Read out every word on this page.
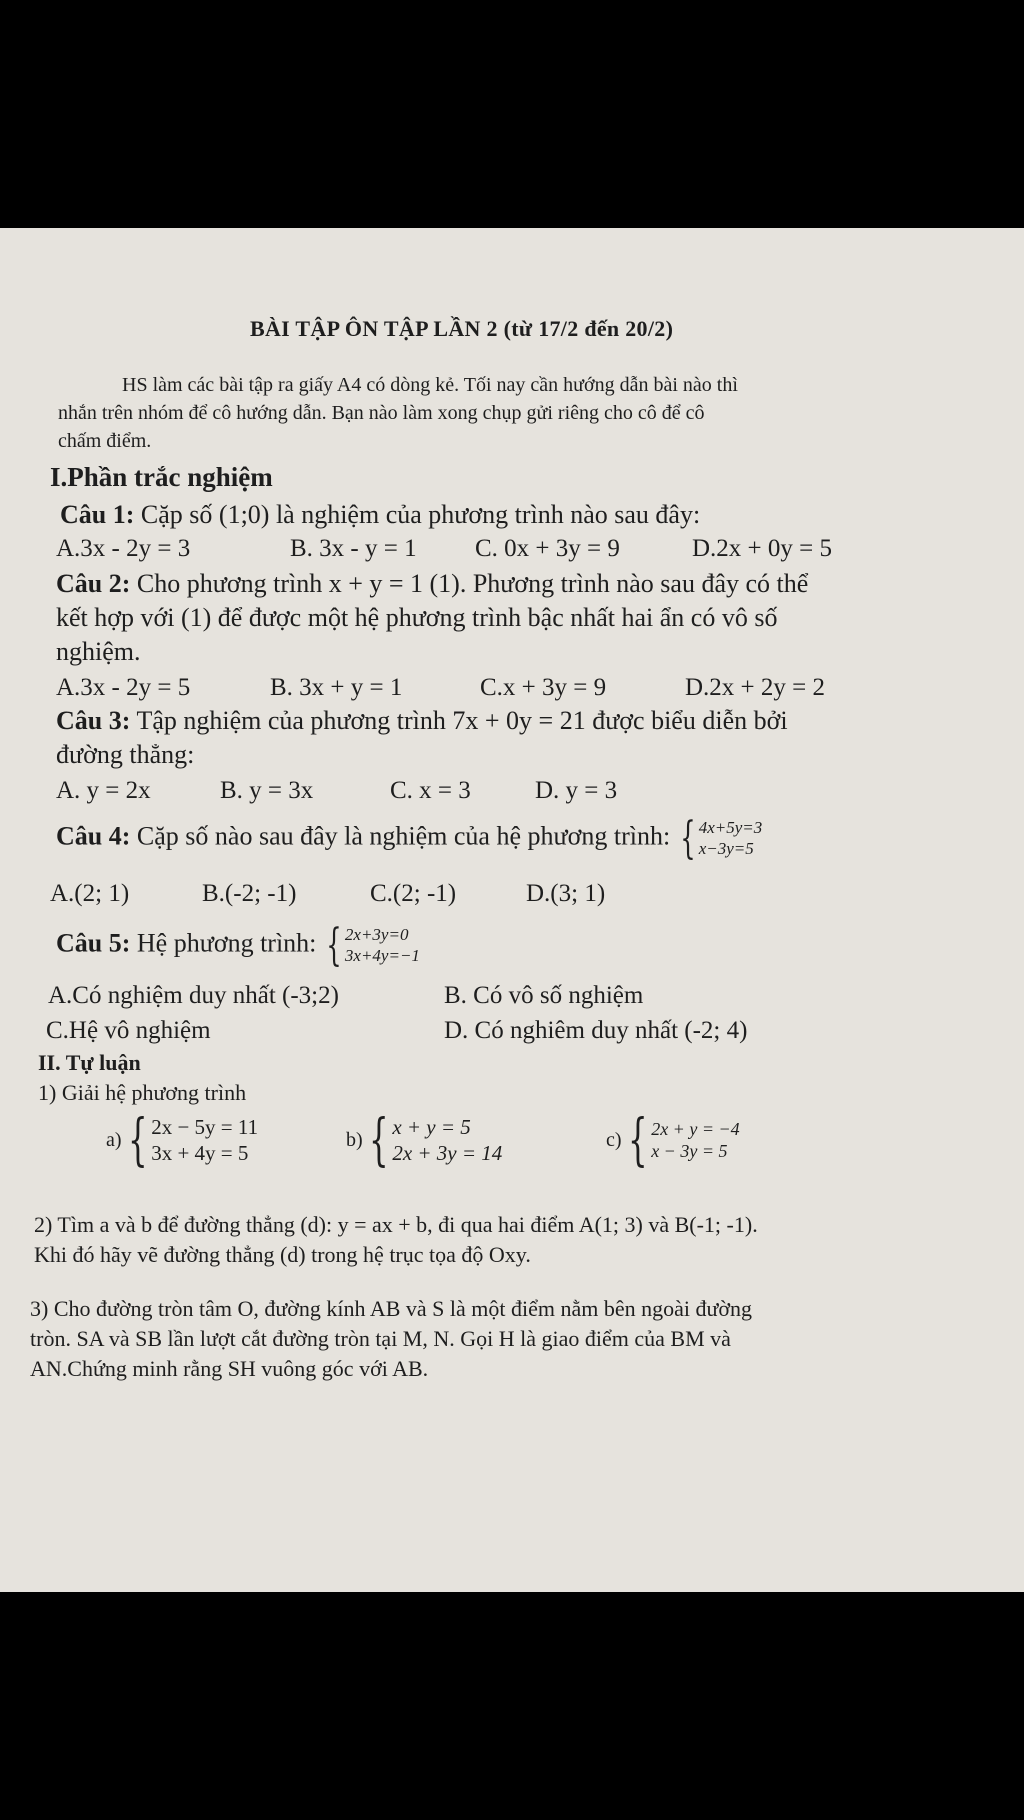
BÀI TẬP ÔN TẬP LẦN 2 (từ 17/2 đến 20/2)
HS làm các bài tập ra giấy A4 có dòng kẻ. Tối nay cần hướng dẫn bài nào thì
nhắn trên nhóm để cô hướng dẫn. Bạn nào làm xong chụp gửi riêng cho cô để cô
chấm điểm.
I.Phần trắc nghiệm
Câu 1: Cặp số (1;0) là nghiệm của phương trình nào sau đây:
A.3x - 2y = 3	B. 3x - y = 1 C. 0x + 3y = 9	D.2x + 0y = 5
Câu 2: Cho phương trình x + y = 1 (1). Phương trình nào sau đây có thể
kết hợp với (1) để được một hệ phương trình bậc nhất hai ẩn có vô số
nghiệm.
A.3x - 2y = 5	B. 3x + y = 1	C.x + 3y = 9	D.2x + 2y = 2
Câu 3: Tập nghiệm của phương trình 7x + 0y = 21 được biểu diễn bởi
đường thẳng:
A. y = 2x	B. y = 3x	C. x = 3	D. y = 3
Câu 4: Cặp số nào sau đây là nghiệm của hệ phương trình: { 4x+5y=3
x−3y=5
A.(2; 1)	B.(-2; -1)	C.(2; -1)	D.(3; 1)
Câu 5: Hệ phương trình: { 2x+3y=0
3x+4y=−1
A.Có nghiệm duy nhất (-3;2)	B. Có vô số nghiệm
C.Hệ vô nghiệm	D. Có nghiêm duy nhất (-2; 4)
II. Tự luận
1) Giải hệ phương trình
a) { 2x − 5y = 11
3x + 4y = 5
b) { x + y = 5
2x + 3y = 14
c) { 2x + y = −4
x − 3y = 5
2) Tìm a và b để đường thẳng (d): y = ax + b, đi qua hai điểm A(1; 3) và B(-1; -1).
Khi đó hãy vẽ đường thẳng (d) trong hệ trục tọa độ Oxy.
3) Cho đường tròn tâm O, đường kính AB và S là một điểm nằm bên ngoài đường
tròn. SA và SB lần lượt cắt đường tròn tại M, N. Gọi H là giao điểm của BM và
AN.Chứng minh rằng SH vuông góc với AB.
